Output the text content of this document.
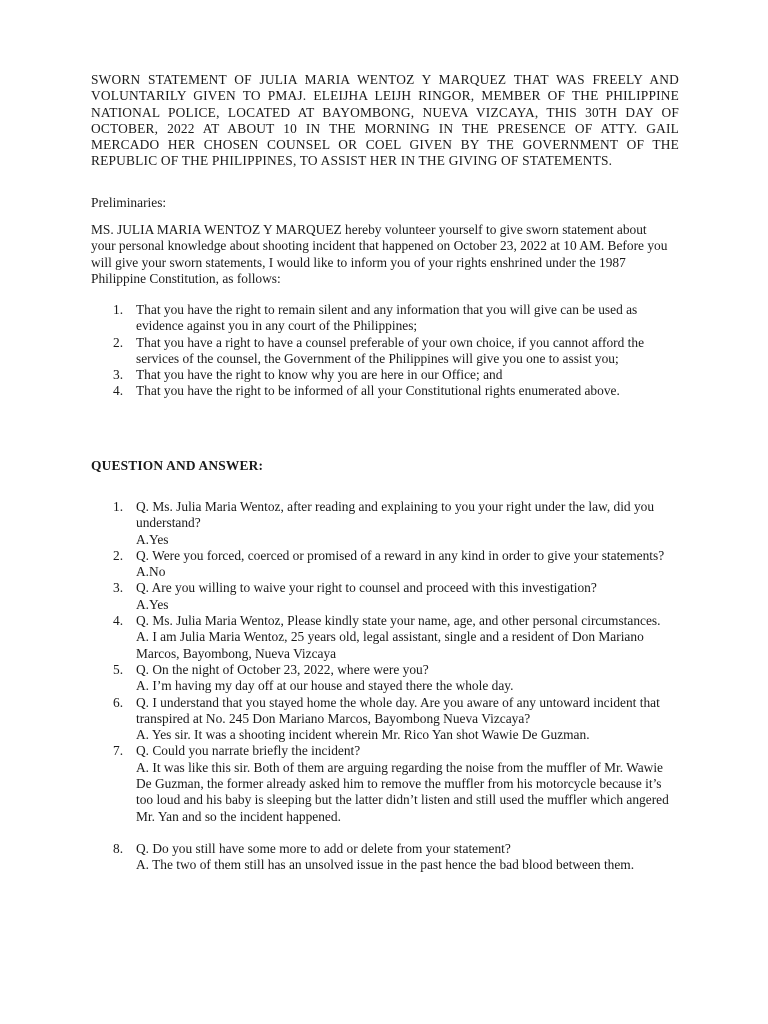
SWORN STATEMENT OF JULIA MARIA WENTOZ Y MARQUEZ THAT WAS FREELY AND VOLUNTARILY GIVEN TO PMAJ. ELEIJHA LEIJH RINGOR, MEMBER OF THE PHILIPPINE NATIONAL POLICE, LOCATED AT BAYOMBONG, NUEVA VIZCAYA, THIS 30TH DAY OF OCTOBER, 2022 AT ABOUT 10 IN THE MORNING IN THE PRESENCE OF ATTY. GAIL MERCADO HER CHOSEN COUNSEL OR COEL GIVEN BY THE GOVERNMENT OF THE REPUBLIC OF THE PHILIPPINES, TO ASSIST HER IN THE GIVING OF STATEMENTS.
Preliminaries:
MS. JULIA MARIA WENTOZ Y MARQUEZ hereby volunteer yourself to give sworn statement about your personal knowledge about shooting incident that happened on October 23, 2022 at 10 AM. Before you will give your sworn statements, I would like to inform you of your rights enshrined under the 1987 Philippine Constitution, as follows:
1. That you have the right to remain silent and any information that you will give can be used as evidence against you in any court of the Philippines;
2. That you have a right to have a counsel preferable of your own choice, if you cannot afford the services of the counsel, the Government of the Philippines will give you one to assist you;
3. That you have the right to know why you are here in our Office; and
4. That you have the right to be informed of all your Constitutional rights enumerated above.
QUESTION AND ANSWER:
1. Q. Ms. Julia Maria Wentoz, after reading and explaining to you your right under the law, did you understand?
A.Yes
2. Q. Were you forced, coerced or promised of a reward in any kind in order to give your statements?
A.No
3. Q. Are you willing to waive your right to counsel and proceed with this investigation?
A.Yes
4. Q. Ms. Julia Maria Wentoz, Please kindly state your name, age, and other personal circumstances.
A. I am Julia Maria Wentoz, 25 years old, legal assistant, single and a resident of Don Mariano Marcos, Bayombong, Nueva Vizcaya
5. Q. On the night of October 23, 2022, where were you?
A. I’m having my day off at our house and stayed there the whole day.
6. Q. I understand that you stayed home the whole day. Are you aware of any untoward incident that transpired at No. 245 Don Mariano Marcos, Bayombong Nueva Vizcaya?
A. Yes sir. It was a shooting incident wherein Mr. Rico Yan shot Wawie De Guzman.
7. Q. Could you narrate briefly the incident?
A. It was like this sir. Both of them are arguing regarding the noise from the muffler of Mr. Wawie De Guzman, the former already asked him to remove the muffler from his motorcycle because it’s too loud and his baby is sleeping but the latter didn’t listen and still used the muffler which angered Mr. Yan and so the incident happened.
8. Q. Do you still have some more to add or delete from your statement?
A. The two of them still has an unsolved issue in the past hence the bad blood between them.
